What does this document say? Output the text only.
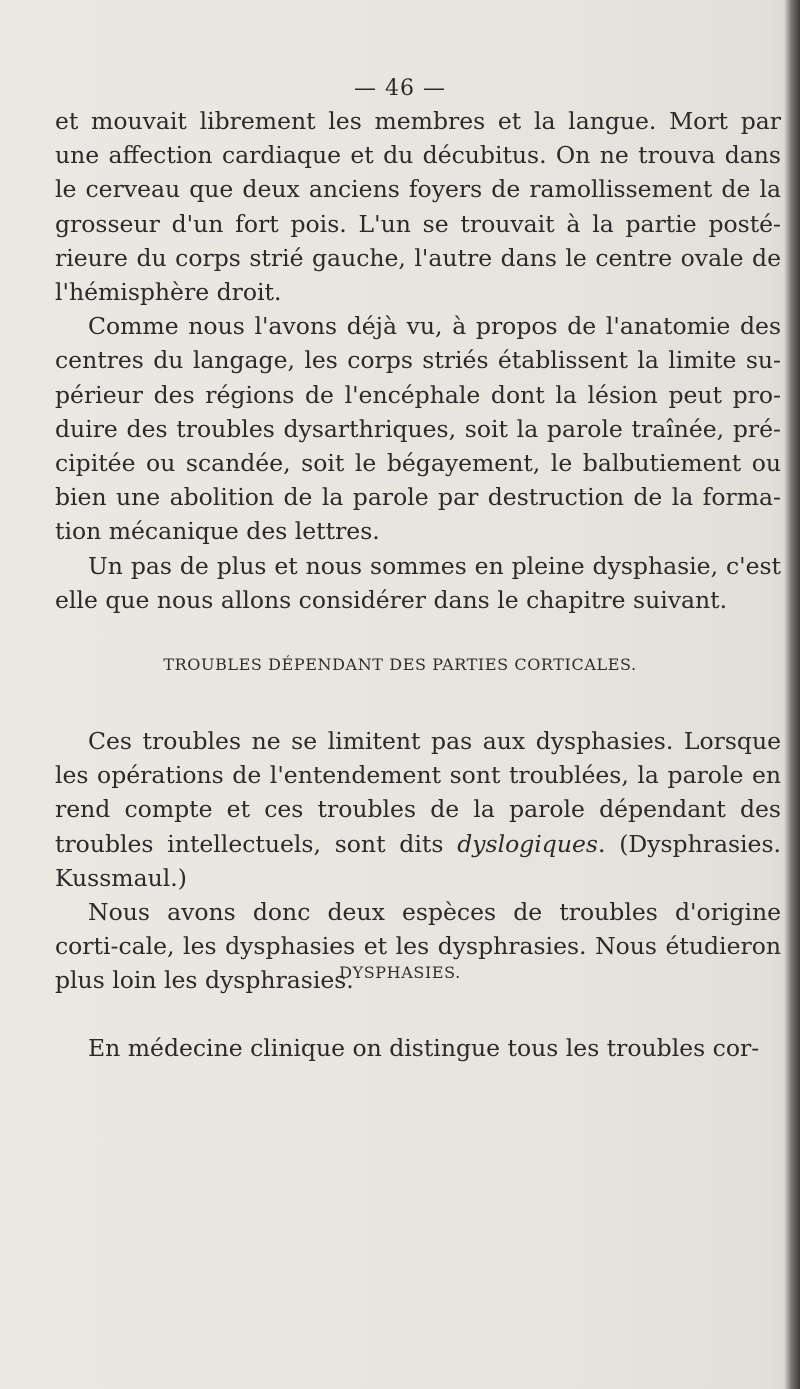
— 46 —

et mouvait librement les membres et la langue. Mort par une affection cardiaque et du décubitus. On ne trouva dans le cerveau que deux anciens foyers de ramollissement de la grosseur d'un fort pois. L'un se trouvait à la partie posté-rieure du corps strié gauche, l'autre dans le centre ovale de l'hémisphère droit.

Comme nous l'avons déjà vu, à propos de l'anatomie des centres du langage, les corps striés établissent la limite su-périeur des régions de l'encéphale dont la lésion peut pro-duire des troubles dysarthriques, soit la parole traînée, pré-cipitée ou scandée, soit le bégayement, le balbutiement ou bien une abolition de la parole par destruction de la forma-tion mécanique des lettres.

Un pas de plus et nous sommes en pleine dysphasie, c'est elle que nous allons considérer dans le chapitre suivant.

TROUBLES DÉPENDANT DES PARTIES CORTICALES.

Ces troubles ne se limitent pas aux dysphasies. Lorsque les opérations de l'entendement sont troublées, la parole en rend compte et ces troubles de la parole dépendant des troubles intellectuels, sont dits dyslogiques. (Dysphrasies. Kussmaul.)

Nous avons donc deux espèces de troubles d'origine corti-cale, les dysphasies et les dysphrasies. Nous étudieron plus loin les dysphrasies.

DYSPHASIES.

En médecine clinique on distingue tous les troubles cor-
